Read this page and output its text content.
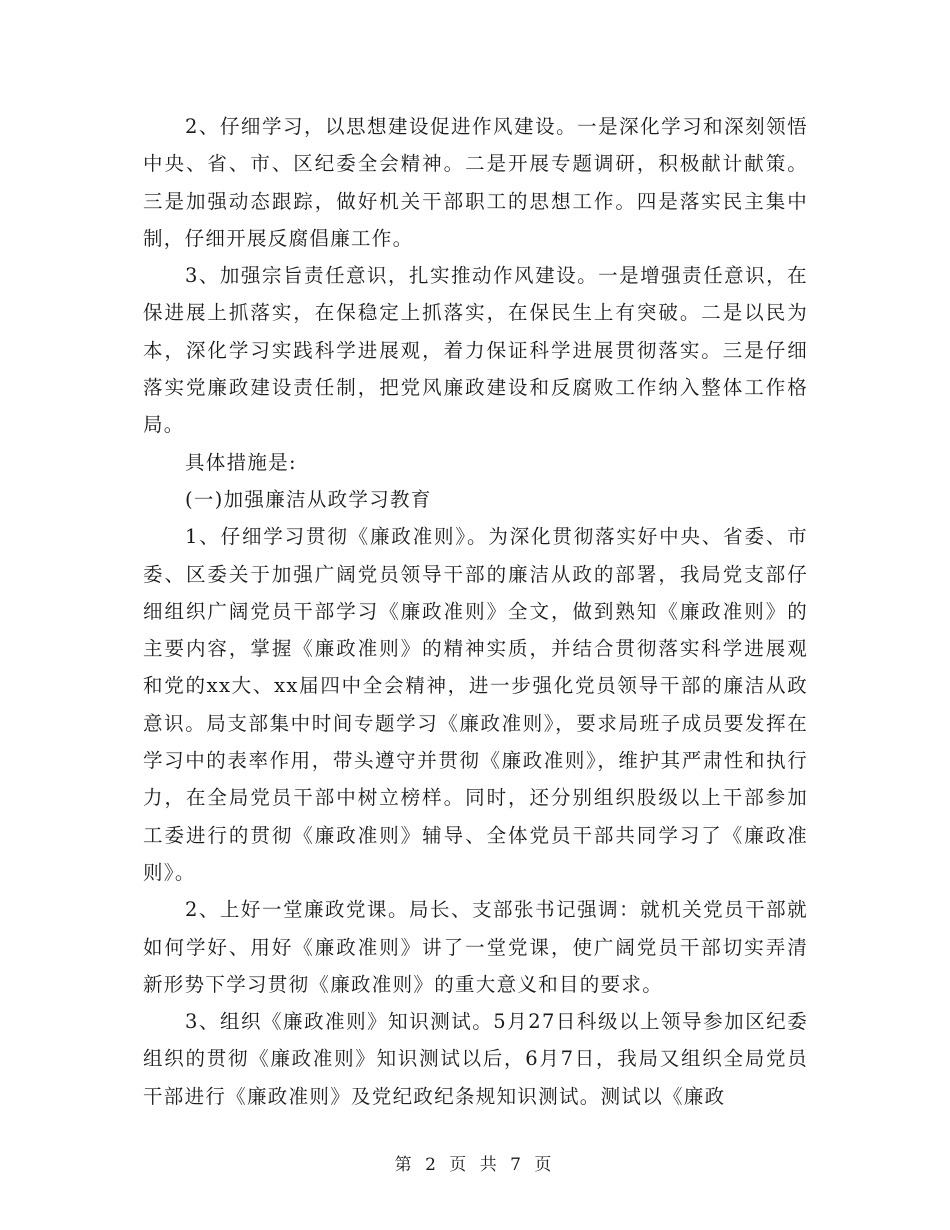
2、仔细学习，以思想建设促进作风建设。一是深化学习和深刻领悟中央、省、市、区纪委全会精神。二是开展专题调研，积极献计献策。三是加强动态跟踪，做好机关干部职工的思想工作。四是落实民主集中制，仔细开展反腐倡廉工作。

3、加强宗旨责任意识，扎实推动作风建设。一是增强责任意识，在保进展上抓落实，在保稳定上抓落实，在保民生上有突破。二是以民为本，深化学习实践科学进展观，着力保证科学进展贯彻落实。三是仔细落实党廉政建设责任制，把党风廉政建设和反腐败工作纳入整体工作格局。

具体措施是:

(一)加强廉洁从政学习教育

1、仔细学习贯彻《廉政准则》。为深化贯彻落实好中央、省委、市委、区委关于加强广阔党员领导干部的廉洁从政的部署，我局党支部仔细组织广阔党员干部学习《廉政准则》全文，做到熟知《廉政准则》的主要内容，掌握《廉政准则》的精神实质，并结合贯彻落实科学进展观和党的xx大、xx届四中全会精神，进一步强化党员领导干部的廉洁从政意识。局支部集中时间专题学习《廉政准则》，要求局班子成员要发挥在学习中的表率作用，带头遵守并贯彻《廉政准则》，维护其严肃性和执行力，在全局党员干部中树立榜样。同时，还分别组织股级以上干部参加工委进行的贯彻《廉政准则》辅导、全体党员干部共同学习了《廉政准则》。

2、上好一堂廉政党课。局长、支部张书记强调：就机关党员干部就如何学好、用好《廉政准则》讲了一堂党课，使广阔党员干部切实弄清新形势下学习贯彻《廉政准则》的重大意义和目的要求。

3、组织《廉政准则》知识测试。5月27日科级以上领导参加区纪委组织的贯彻《廉政准则》知识测试以后，6月7日，我局又组织全局党员干部进行《廉政准则》及党纪政纪条规知识测试。测试以《廉政

第 2 页 共 7 页
